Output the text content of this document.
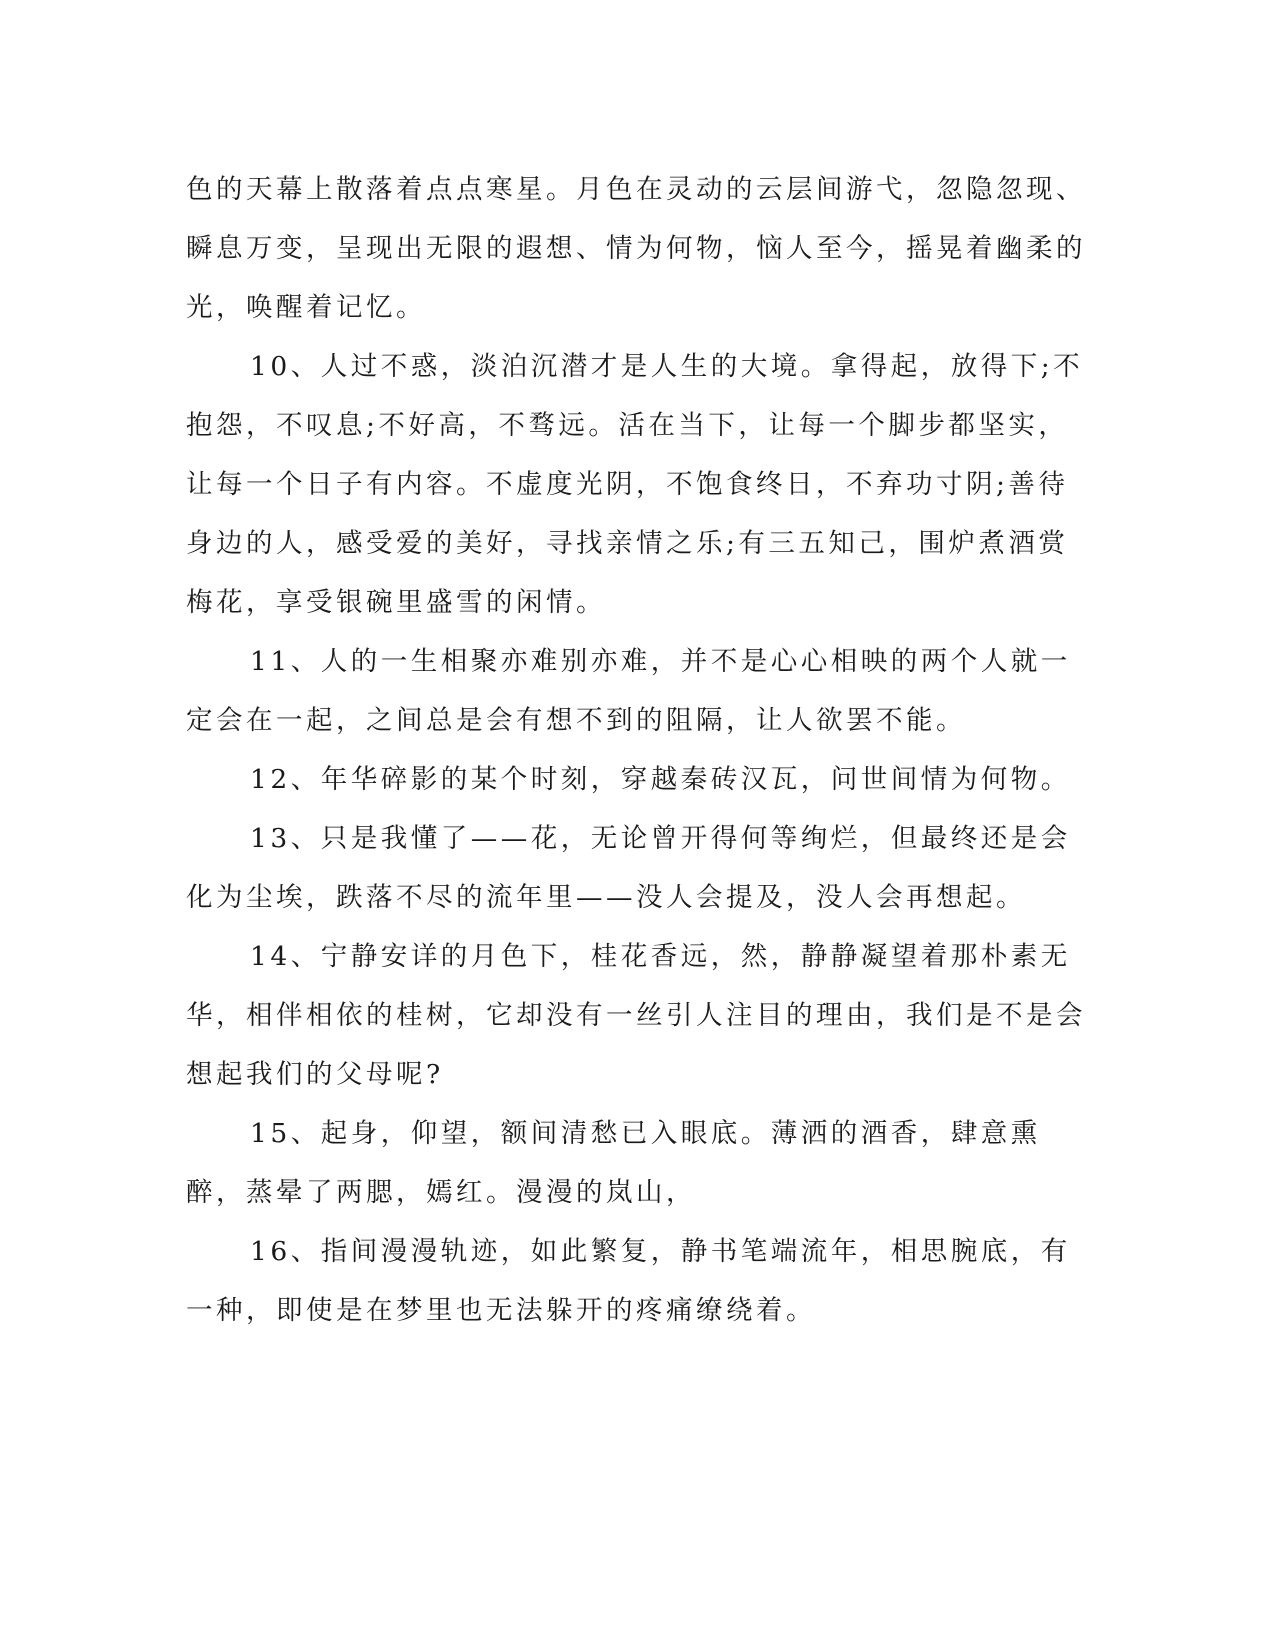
色的天幕上散落着点点寒星。月色在灵动的云层间游弋，忽隐忽现、瞬息万变，呈现出无限的遐想、情为何物，恼人至今，摇晃着幽柔的光，唤醒着记忆。

10、人过不惑，淡泊沉潜才是人生的大境。拿得起，放得下;不抱怨，不叹息;不好高，不骛远。活在当下，让每一个脚步都坚实，让每一个日子有内容。不虚度光阴，不饱食终日，不弃功寸阴;善待身边的人，感受爱的美好，寻找亲情之乐;有三五知己，围炉煮酒赏梅花，享受银碗里盛雪的闲情。

11、人的一生相聚亦难别亦难，并不是心心相映的两个人就一定会在一起，之间总是会有想不到的阻隔，让人欲罢不能。

12、年华碎影的某个时刻，穿越秦砖汉瓦，问世间情为何物。

13、只是我懂了——花，无论曾开得何等绚烂，但最终还是会化为尘埃，跌落不尽的流年里——没人会提及，没人会再想起。

14、宁静安详的月色下，桂花香远，然，静静凝望着那朴素无华，相伴相依的桂树，它却没有一丝引人注目的理由，我们是不是会想起我们的父母呢?

15、起身，仰望，额间清愁已入眼底。薄洒的酒香，肆意熏醉，蒸晕了两腮，嫣红。漫漫的岚山，

16、指间漫漫轨迹，如此繁复，静书笔端流年，相思腕底，有一种，即使是在梦里也无法躲开的疼痛缭绕着。
